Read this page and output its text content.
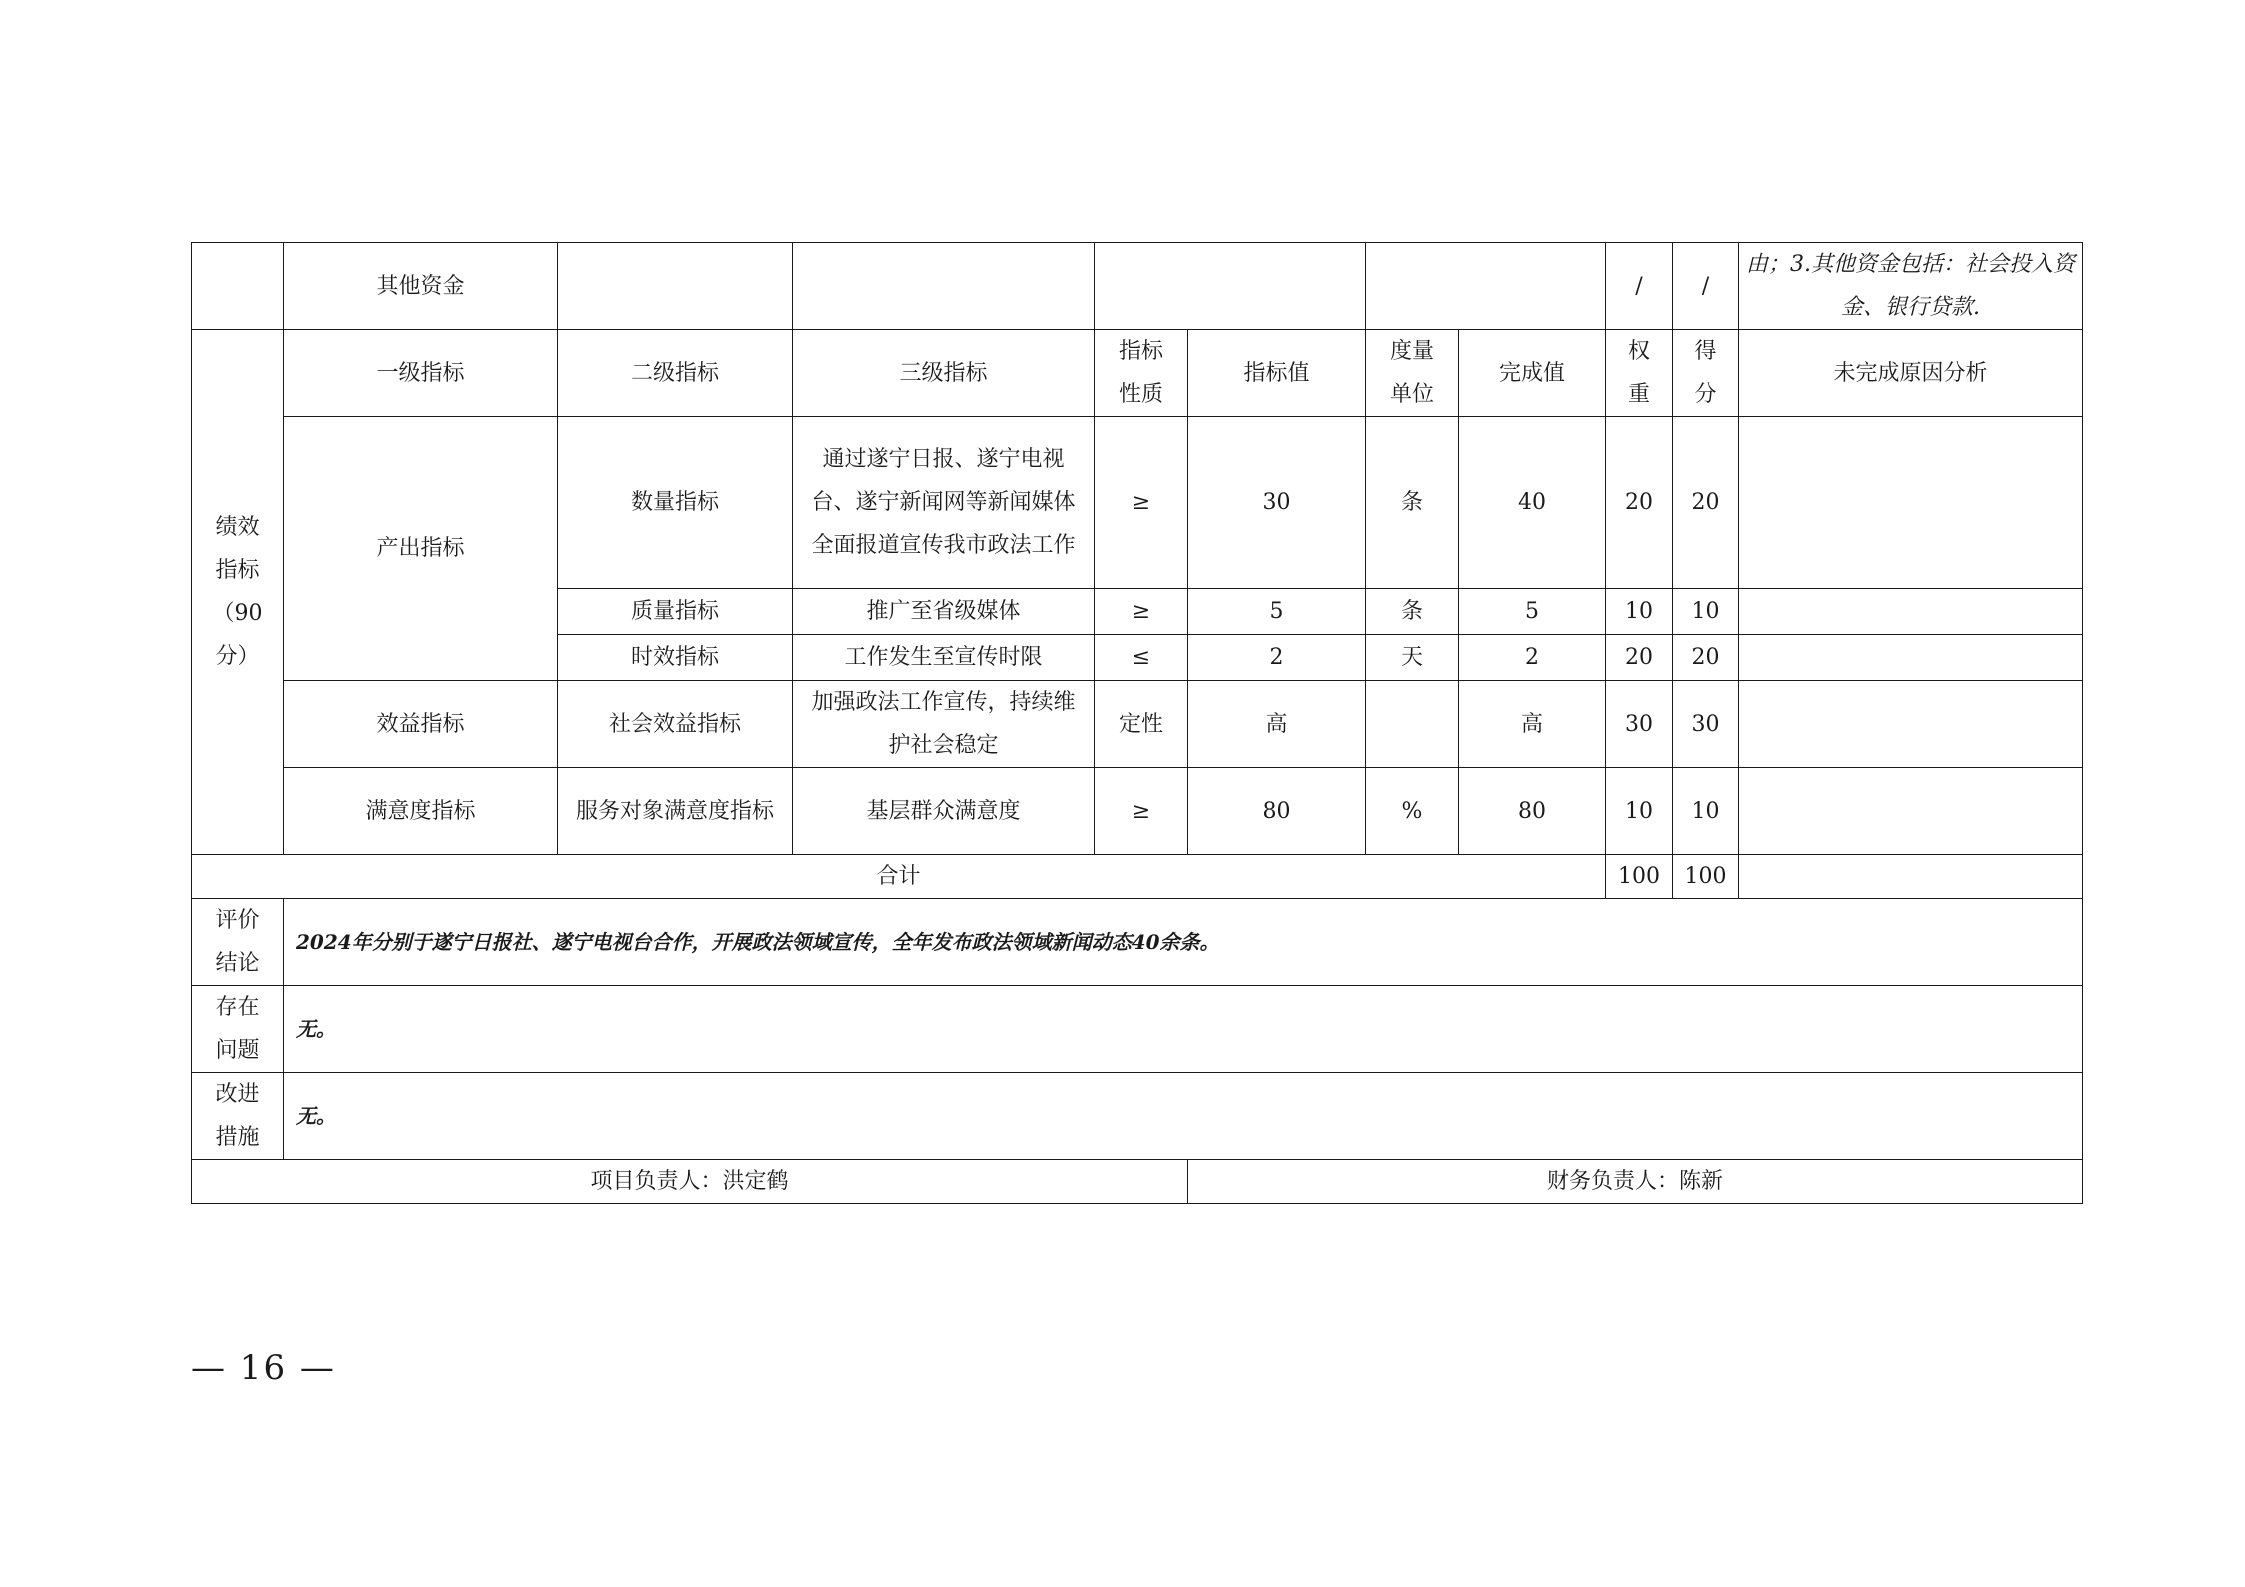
	其他资金							/	/	由；3.其他资金包括：社会投入资金、银行贷款.
绩效指标（90分）	一级指标	二级指标	三级指标	指标性质	指标值	度量单位	完成值	权重	得分	未完成原因分析
	产出指标	数量指标	通过遂宁日报、遂宁电视台、遂宁新闻网等新闻媒体全面报道宣传我市政法工作	≥	30	条	40	20	20	
		质量指标	推广至省级媒体	≥	5	条	5	10	10	
		时效指标	工作发生至宣传时限	≤	2	天	2	20	20	
	效益指标	社会效益指标	加强政法工作宣传，持续维护社会稳定	定性	高		高	30	30	
	满意度指标	服务对象满意度指标	基层群众满意度	≥	80	%	80	10	10	
合计								100	100	
评价结论	2024年分别于遂宁日报社、遂宁电视台合作，开展政法领域宣传，全年发布政法领域新闻动态40余条。									
存在问题	无。									
改进措施	无。									
项目负责人：洪定鹤					财务负责人：陈新					
— 16 —
